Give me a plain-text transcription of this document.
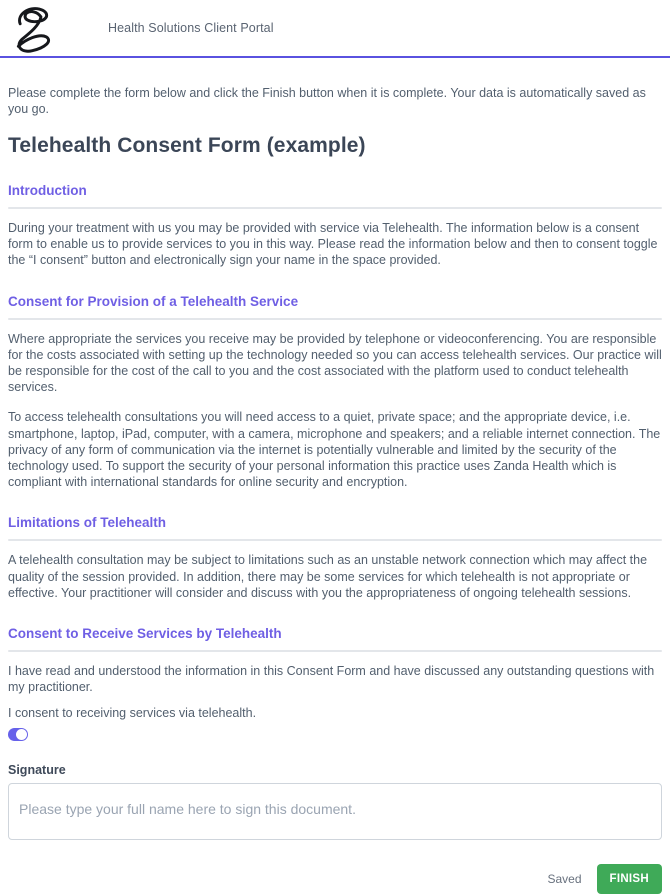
Health Solutions Client Portal
Please complete the form below and click the Finish button when it is complete. Your data is automatically saved as you go.
Telehealth Consent Form (example)
Introduction

During your treatment with us you may be provided with service via Telehealth. The information below is a consent form to enable us to provide services to you in this way. Please read the information below and then to consent toggle the “I consent” button and electronically sign your name in the space provided.

Consent for Provision of a Telehealth Service

Where appropriate the services you receive may be provided by telephone or videoconferencing. You are responsible for the costs associated with setting up the technology needed so you can access telehealth services. Our practice will be responsible for the cost of the call to you and the cost associated with the platform used to conduct telehealth services.

To access telehealth consultations you will need access to a quiet, private space; and the appropriate device, i.e. smartphone, laptop, iPad, computer, with a camera, microphone and speakers; and a reliable internet connection. The privacy of any form of communication via the internet is potentially vulnerable and limited by the security of the technology used. To support the security of your personal information this practice uses Zanda Health which is compliant with international standards for online security and encryption.

Limitations of Telehealth

A telehealth consultation may be subject to limitations such as an unstable network connection which may affect the quality of the session provided. In addition, there may be some services for which telehealth is not appropriate or effective. Your practitioner will consider and discuss with you the appropriateness of ongoing telehealth sessions.

Consent to Receive Services by Telehealth

I have read and understood the information in this Consent Form and have discussed any outstanding questions with my practitioner.

I consent to receiving services via telehealth.
Signature
Please type your full name here to sign this document.
Saved	FINISH
